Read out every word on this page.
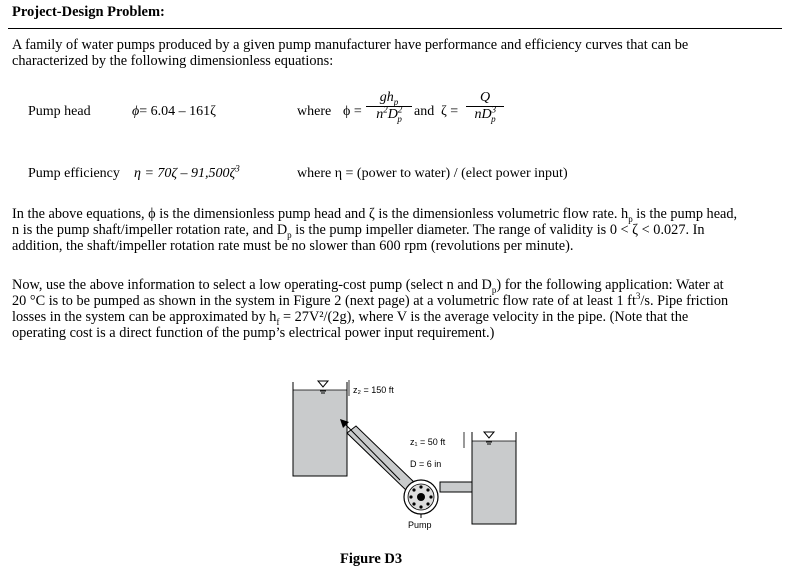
Project-Design Problem:
A family of water pumps produced by a given pump manufacturer have performance and efficiency curves that can be
characterized by the following dimensionless equations:
Pump head	ϕ= 6.04 – 161ζ	where ϕ =
$gh_p$
$n^2D^2_p$ and $\zeta = \frac{Q}{nD^3_p}$
Pump efficiency $\eta = 70\zeta - 91,500\zeta^3$	where η = (power to water) / (elect power input)
In the above equations, ϕ is the dimensionless pump head and ζ is the dimensionless volumetric flow rate. $h_p$ is the pump head,
n is the pump shaft/impeller rotation rate, and $D_p$ is the pump impeller diameter. The range of validity is 0 < ζ < 0.027. In
addition, the shaft/impeller rotation rate must be no slower than 600 rpm (revolutions per minute).
Now, use the above information to select a low operating-cost pump (select n and $D_p$) for the following application: Water at
20 °C is to be pumped as shown in the system in Figure 2 (next page) at a volumetric flow rate of at least 1 $ft^3/s$. Pipe friction
losses in the system can be approximated by $h_f = 27V^2/(2g)$, where V is the average velocity in the pipe. (Note that the
operating cost is a direct function of the pump’s electrical power input requirement.)
z₂ = 150 ft
z₁ = 50 ft
D = 6 in
Pump
Figure D3
